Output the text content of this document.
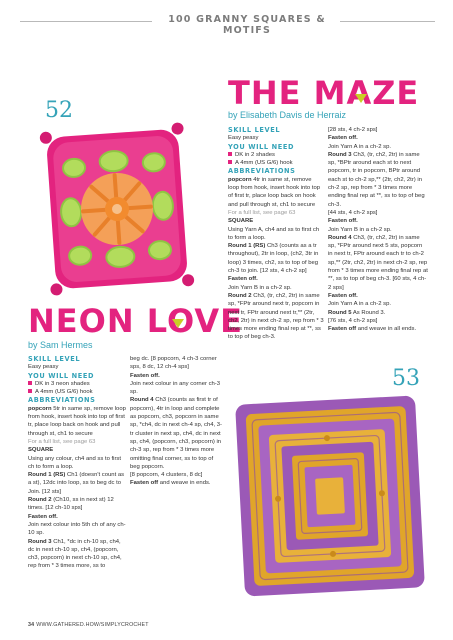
100 GRANNY SQUARES & MOTIFS
52
NEON LOVE
by Sam Hermes

SKILL LEVEL

Easy peasy

YOU WILL NEED

DK in 3 neon shades

A 4mm (US G/6) hook

ABBREVIATIONS

popcorn 5tr in same sp, remove loop from hook, insert hook into top of first tr, place loop back on hook and pull through st, ch1 to secure

For a full list, see page 63

SQUARE

Using any colour, ch4 and ss to first ch to form a loop.

Round 1 (RS) Ch1 (doesn't count as a st), 12dc into loop, ss to beg dc to Join. [12 sts]

Round 2 (Ch10, ss in next st) 12 times. [12 ch-10 sps]

Fasten off.

Join next colour into 5th ch of any ch-10 sp.

Round 3 Ch1, *dc in ch-10 sp, ch4, dc in next ch-10 sp, ch4, (popcorn, ch3, popcorn) in next ch-10 sp, ch4, rep from * 3 times more, ss to

beg dc. [8 popcorn, 4 ch-3 corner sps, 8 dc, 12 ch-4 sps]

Fasten off.

Join next colour in any corner ch-3 sp.

Round 4 Ch3 (counts as first tr of popcorn), 4tr in loop and complete as popcorn, ch3, popcorn in same sp, *ch4, dc in next ch-4 sp, ch4, 3-tr cluster in next sp, ch4, dc in next sp, ch4, (popcorn, ch3, popcorn) in ch-3 sp, rep from * 3 times more omitting final corner, ss to top of beg popcorn.

[8 popcorn, 4 clusters, 8 dc]

Fasten off and weave in ends.

THE MAZE
by Elisabeth Davis de Herraiz

SKILL LEVEL

Easy peasy

YOU WILL NEED

DK in 2 shades

A 4mm (US G/6) hook

ABBREVIATIONS

popcorn 4tr in same st, remove loop from hook, insert hook into top of first tr, place loop back on hook and pull through st, ch1 to secure

For a full list, see page 63

SQUARE

Using Yarn A, ch4 and ss to first ch to form a loop.

Round 1 (RS) Ch3 (counts as a tr throughout), 2tr in loop, (ch2, 3tr in loop) 3 times, ch2, ss to top of beg ch-3 to join. [12 sts, 4 ch-2 sp]

Fasten off.

Join Yarn B in a ch-2 sp.

Round 2 Ch3, (tr, ch2, 2tr) in same sp, *FPtr around next tr, popcorn in next tr, FPtr around next tr,** (2tr, ch2, 2tr) in next ch-2 sp, rep from * 3 times more ending final rep at **, ss to top of beg ch-3.

[28 sts, 4 ch-2 sps]

Fasten off.

Join Yarn A in a ch-2 sp.

Round 3 Ch3, (tr, ch2, 2tr) in same sp, *BPtr around each st to next popcorn, tr in popcorn, BPtr around each st to ch-2 sp,** (2tr, ch2, 2tr) in ch-2 sp, rep from * 3 times more ending final rep at **, ss to top of beg ch-3.

[44 sts, 4 ch-2 sps]

Fasten off.

Join Yarn B in a ch-2 sp.

Round 4 Ch3, (tr, ch2, 2tr) in same sp, *FPtr around next 5 sts, popcorn in next tr, FPtr around each tr to ch-2 sp,** (2tr, ch2, 2tr) in next ch-2 sp, rep from * 3 times more ending final rep at **, ss to top of beg ch-3. [60 sts, 4 ch-2 sps]

Fasten off.

Join Yarn A in a ch-2 sp.

Round 5 As Round 3.

[76 sts, 4 ch-2 sps]

Fasten off and weave in all ends.

53
34 WWW.GATHERED.HOW/SIMPLYCROCHET
